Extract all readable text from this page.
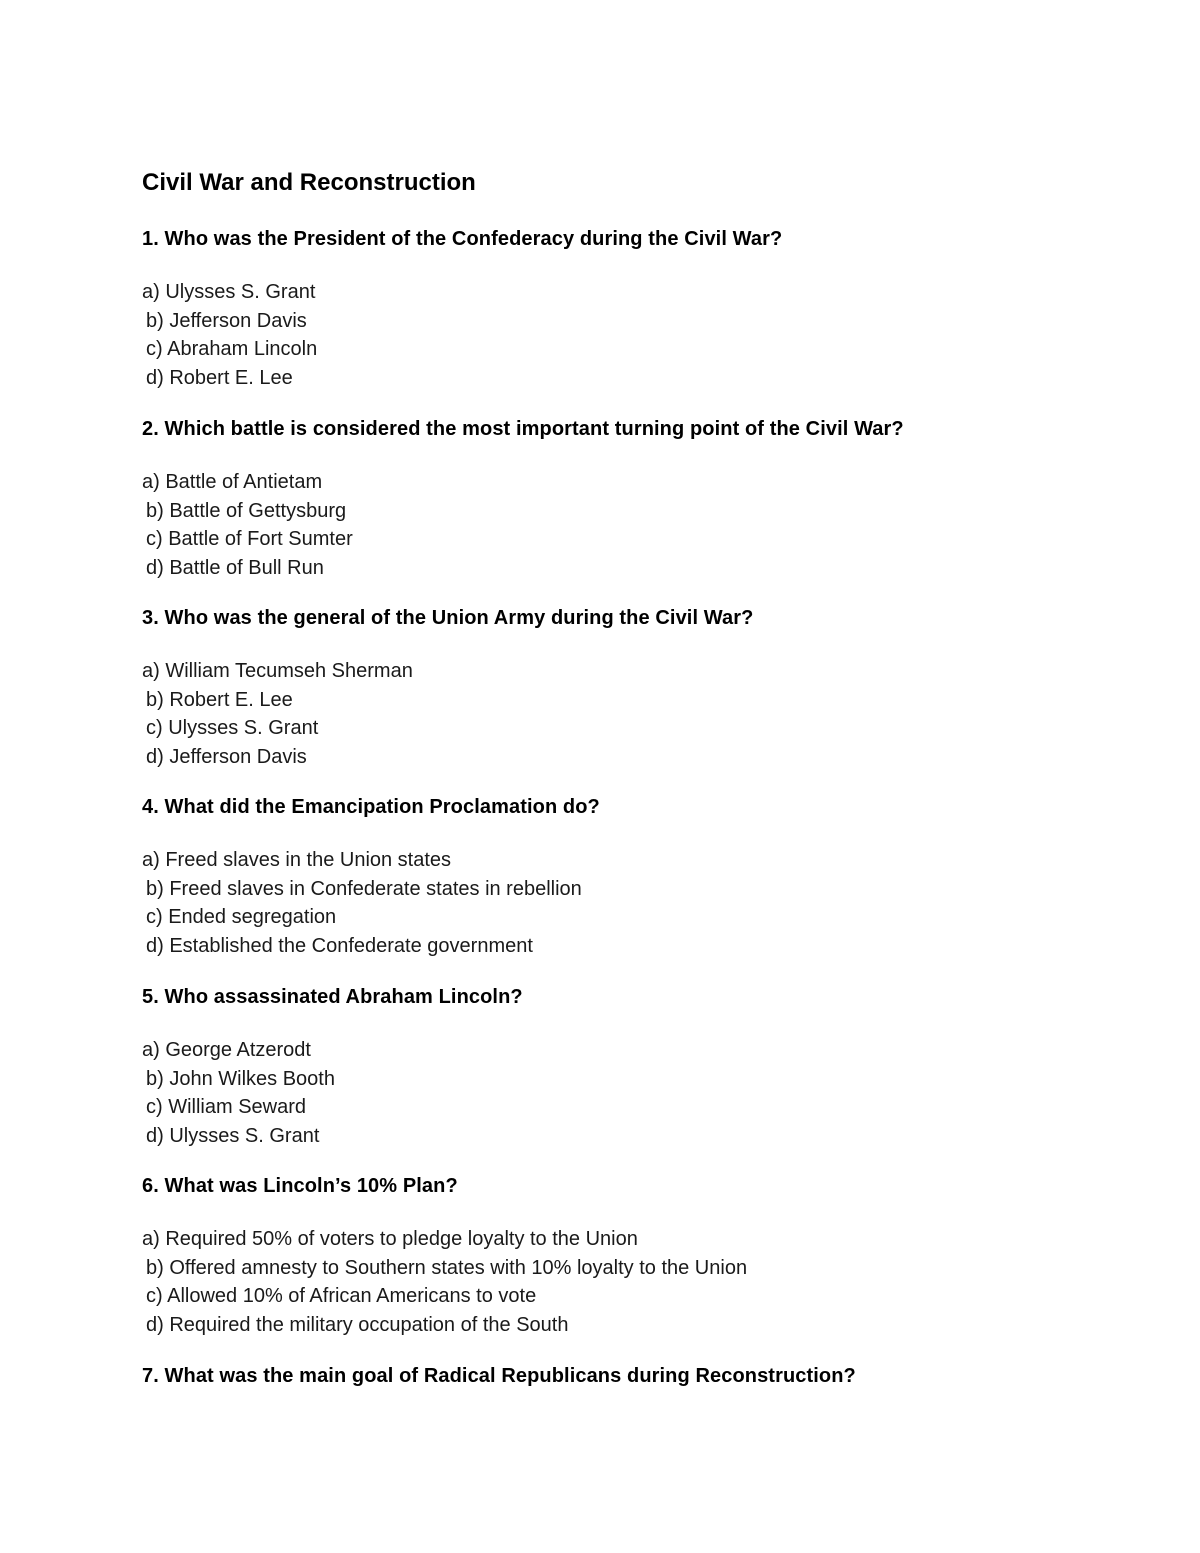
Civil War and Reconstruction

1. Who was the President of the Confederacy during the Civil War?

a) Ulysses S. Grant
b) Jefferson Davis
c) Abraham Lincoln
d) Robert E. Lee

2. Which battle is considered the most important turning point of the Civil War?

a) Battle of Antietam
b) Battle of Gettysburg
c) Battle of Fort Sumter
d) Battle of Bull Run

3. Who was the general of the Union Army during the Civil War?

a) William Tecumseh Sherman
b) Robert E. Lee
c) Ulysses S. Grant
d) Jefferson Davis

4. What did the Emancipation Proclamation do?

a) Freed slaves in the Union states
b) Freed slaves in Confederate states in rebellion
c) Ended segregation
d) Established the Confederate government

5. Who assassinated Abraham Lincoln?

a) George Atzerodt
b) John Wilkes Booth
c) William Seward
d) Ulysses S. Grant

6. What was Lincoln’s 10% Plan?

a) Required 50% of voters to pledge loyalty to the Union
b) Offered amnesty to Southern states with 10% loyalty to the Union
c) Allowed 10% of African Americans to vote
d) Required the military occupation of the South

7. What was the main goal of Radical Republicans during Reconstruction?
